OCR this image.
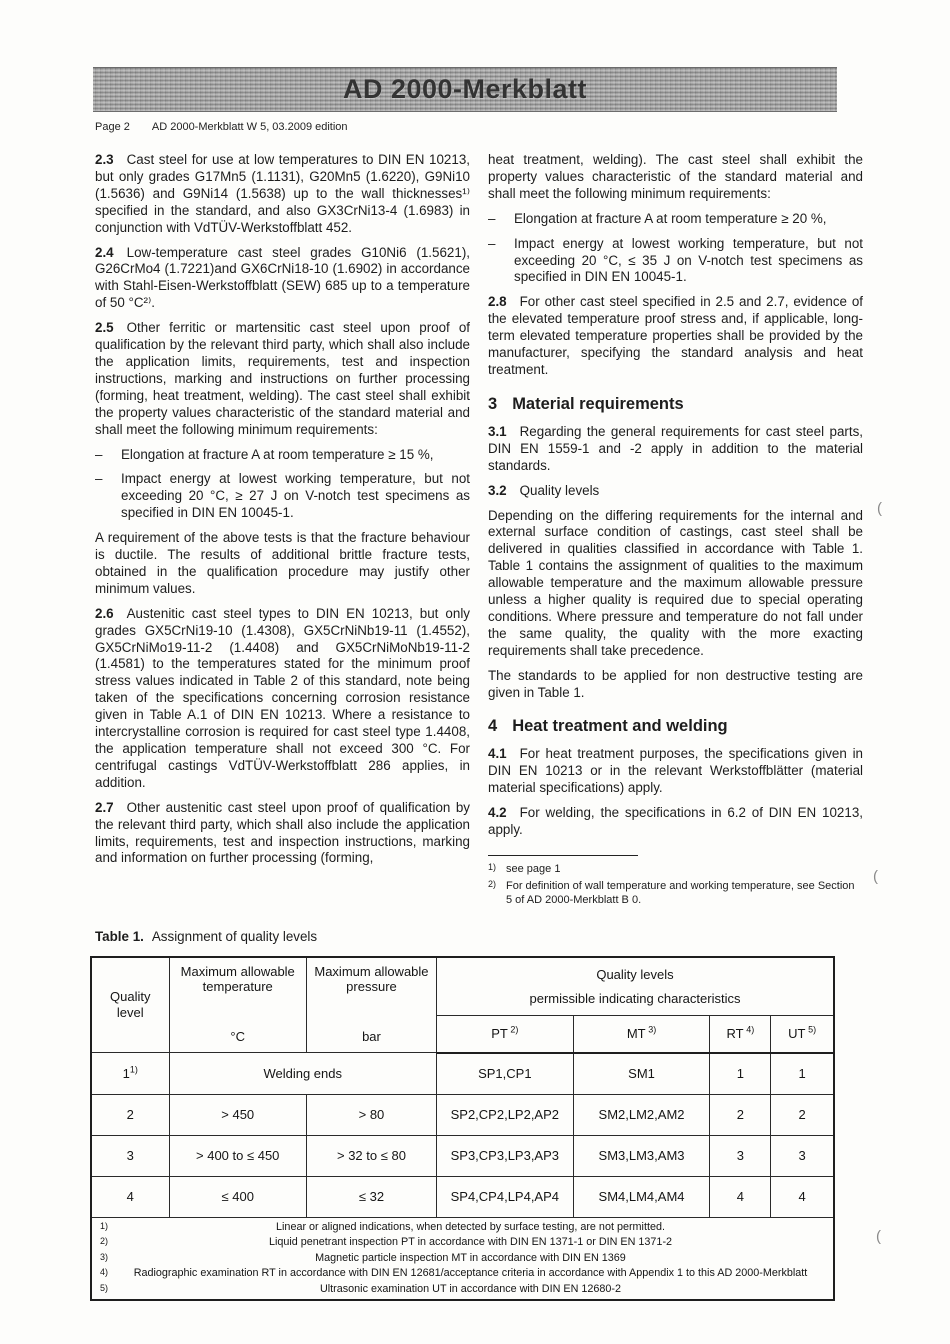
AD 2000-Merkblatt
Page 2 AD 2000-Merkblatt W 5, 03.2009 edition

2.3 Cast steel for use at low temperatures to DIN EN 10213, but only grades G17Mn5 (1.1131), G20Mn5 (1.6220), G9Ni10 (1.5636) and G9Ni14 (1.5638) up to the wall thicknesses¹⁾ specified in the standard, and also GX3CrNi13-4 (1.6983) in conjunction with VdTÜV-Werkstoffblatt 452.

2.4 Low-temperature cast steel grades G10Ni6 (1.5621), G26CrMo4 (1.7221)and GX6CrNi18-10 (1.6902) in accordance with Stahl-Eisen-Werkstoffblatt (SEW) 685 up to a temperature of 50 °C²⁾.

2.5 Other ferritic or martensitic cast steel upon proof of qualification by the relevant third party, which shall also include the application limits, requirements, test and inspection instructions, marking and instructions on further processing (forming, heat treatment, welding). The cast steel shall exhibit the property values characteristic of the standard material and shall meet the following minimum requirements:

–	Elongation at fracture A at room temperature ≥ 15 %,
–	Impact energy at lowest working temperature, but not exceeding 20 °C, ≥ 27 J on V-notch test specimens as specified in DIN EN 10045-1.

A requirement of the above tests is that the fracture behaviour is ductile. The results of additional brittle fracture tests, obtained in the qualification procedure may justify other minimum values.

2.6 Austenitic cast steel types to DIN EN 10213, but only grades GX5CrNi19-10 (1.4308), GX5CrNiNb19-11 (1.4552), GX5CrNiMo19-11-2 (1.4408) and GX5CrNiMoNb19-11-2 (1.4581) to the temperatures stated for the minimum proof stress values indicated in Table 2 of this standard, note being taken of the specifications concerning corrosion resistance given in Table A.1 of DIN EN 10213. Where a resistance to intercrystalline corrosion is required for cast steel type 1.4408, the application temperature shall not exceed 300 °C. For centrifugal castings VdTÜV-Werkstoffblatt 286 applies, in addition.

2.7 Other austenitic cast steel upon proof of qualification by the relevant third party, which shall also include the application limits, requirements, test and inspection instructions, marking and information on further processing (forming,

heat treatment, welding). The cast steel shall exhibit the property values characteristic of the standard material and shall meet the following minimum requirements:

–	Elongation at fracture A at room temperature ≥ 20 %,
–	Impact energy at lowest working temperature, but not exceeding 20 °C, ≤ 35 J on V-notch test specimens as specified in DIN EN 10045-1.

2.8 For other cast steel specified in 2.5 and 2.7, evidence of the elevated temperature proof stress and, if applicable, long-term elevated temperature properties shall be provided by the manufacturer, specifying the standard analysis and heat treatment.

3 Material requirements

3.1 Regarding the general requirements for cast steel parts, DIN EN 1559-1 and -2 apply in addition to the material standards.

3.2 Quality levels

Depending on the differing requirements for the internal and external surface condition of castings, cast steel shall be delivered in qualities classified in accordance with Table 1. Table 1 contains the assignment of qualities to the maximum allowable temperature and the maximum allowable pressure unless a higher quality is required due to special operating conditions. Where pressure and temperature do not fall under the same quality, the quality with the more exacting requirements shall take precedence.

The standards to be applied for non destructive testing are given in Table 1.

4 Heat treatment and welding

4.1 For heat treatment purposes, the specifications given in DIN EN 10213 or in the relevant Werkstoffblätter (material material specifications) apply.

4.2 For welding, the specifications in 6.2 of DIN EN 10213, apply.

1) see page 1
2) For definition of wall temperature and working temperature, see Section 5 of AD 2000-Merkblatt B 0.
Table 1. Assignment of quality levels
Quality level

Maximum allowable temperature
°C

Maximum allowable pressure
bar

Quality levels
permissible indicating characteristics

			PT  $^{2)}$	MT  $^{3)}$	RT  $^{4)}$	UT  $^{5)}$
1$^{1)}$	Welding ends		SP1,CP1	SM1	1	1
2	> 450	> 80	SP2,CP2,LP2,AP2	SM2,LM2,AM2	2	2
3	> 400 to ≤ 450	> 32 to ≤ 80	SP3,CP3,LP3,AP3	SM3,LM3,AM3	3	3
4	≤ 400	≤ 32	SP4,CP4,LP4,AP4	SM4,LM4,AM4	4	4

1)	Linear or aligned indications, when detected by surface testing, are not permitted.
2)	Liquid penetrant inspection PT in accordance with DIN EN 1371-1 or DIN EN 1371-2
3)	Magnetic particle inspection MT in accordance with DIN EN 1369
4)	Radiographic examination RT in accordance with DIN EN 12681/acceptance criteria in accordance with Appendix 1 to this AD 2000-Merkblatt
5)	Ultrasonic examination UT in accordance with DIN EN 12680-2
(
(
(
